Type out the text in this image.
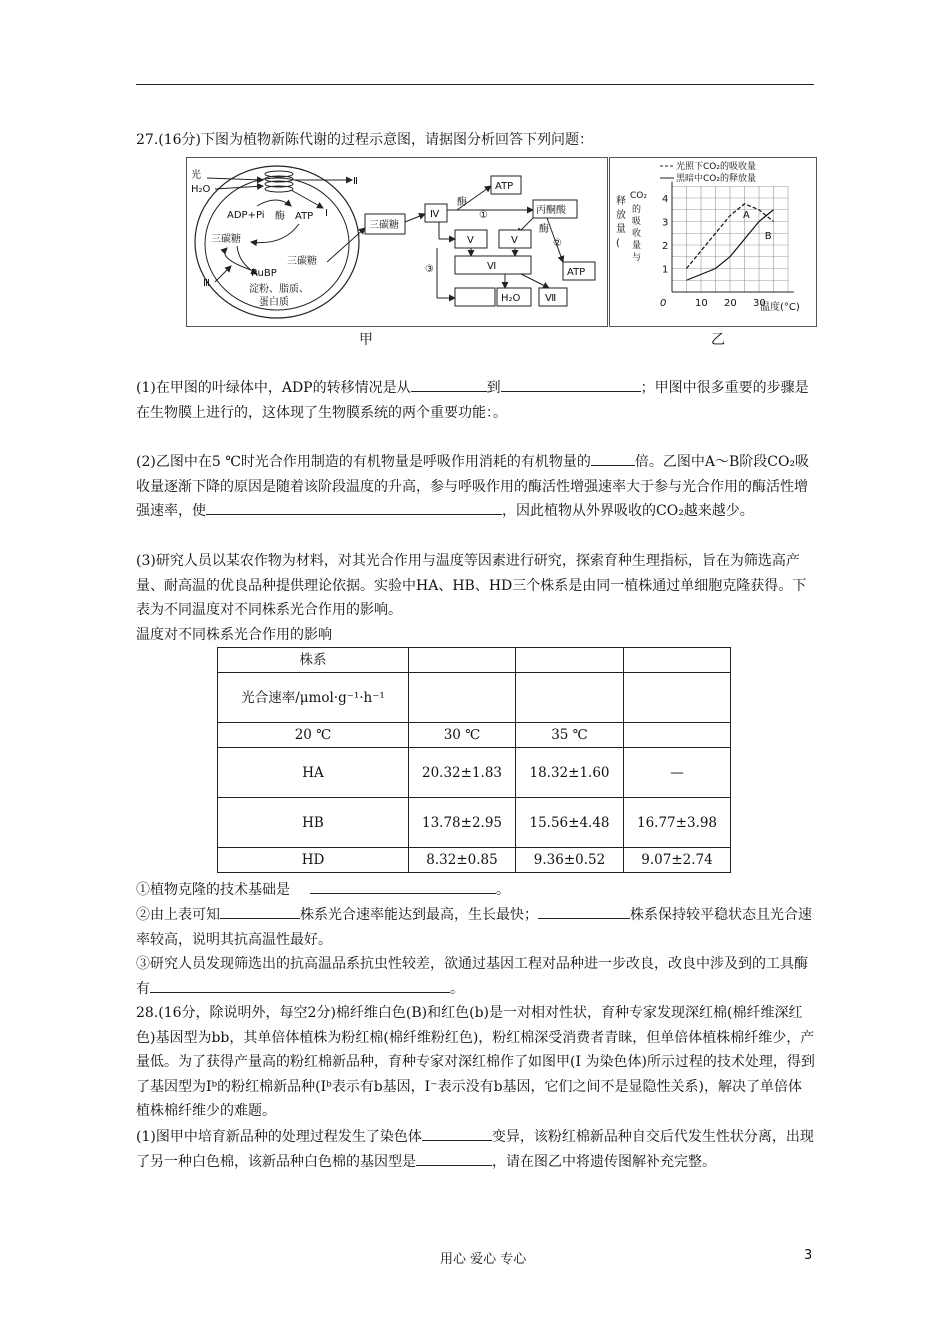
27.(16分)下图为植物新陈代谢的过程示意图，请据图分析回答下列问题：
光
H₂O
Ⅱ
Ⅰ
ADP+Pi 酶 ATP
三碳糖
三碳糖
RuBP
Ⅲ
淀粉、脂质、
蛋白质
三碳糖
Ⅳ
酶
①
ATP
丙酮酸
酶
②
Ⅴ	Ⅴ
Ⅵ
ATP
③
H₂O Ⅶ
光照下CO₂的吸收量
黑暗中CO₂的释放量
释
放
量
(
CO₂
的
吸
收
量
与
10 20 30
1
2
3
4
0
A
B
温度(°C)
甲	乙
(1)在甲图的叶绿体中，ADP的转移情况是从	到	；甲图中很多重要的步骤是在生物膜上进行的，这体现了生物膜系统的两个重要功能：。
(2)乙图中在5 ℃时光合作用制造的有机物量是呼吸作用消耗的有机物量的	倍。乙图中A～B阶段CO₂吸收量逐渐下降的原因是随着该阶段温度的升高，参与呼吸作用的酶活性增强速率大于参与光合作用的酶活性增强速率，使	，因此植物从外界吸收的CO₂越来越少。
(3)研究人员以某农作物为材料，对其光合作用与温度等因素进行研究，探索育种生理指标，旨在为筛选高产量、耐高温的优良品种提供理论依据。实验中HA、HB、HD三个株系是由同一植株通过单细胞克隆获得。下表为不同温度对不同株系光合作用的影响。
温度对不同株系光合作用的影响
株系			
光合速率/μmol·g⁻¹·h⁻¹			
20 ℃	30 ℃	35 ℃	
HA	20.32±1.83	18.32±1.60	—
HB	13.78±2.95	15.56±4.48	16.77±3.98
HD	8.32±0.85	9.36±0.52	9.07±2.74
①植物克隆的技术基础是	。
②由上表可知	株系光合速率能达到最高，生长最快；	株系保持较平稳状态且光合速率较高，说明其抗高温性最好。
③研究人员发现筛选出的抗高温品系抗虫性较差，欲通过基因工程对品种进一步改良，改良中涉及到的工具酶有	。
28.(16分，除说明外，每空2分)棉纤维白色(B)和红色(b)是一对相对性状，育种专家发现深红棉(棉纤维深红色)基因型为bb，其单倍体植株为粉红棉(棉纤维粉红色)，粉红棉深受消费者青睐，但单倍体植株棉纤维少，产量低。为了获得产量高的粉红棉新品种，育种专家对深红棉作了如图甲(Ⅰ 为染色体)所示过程的技术处理，得到了基因型为Ⅰᵇ的粉红棉新品种(Ⅰᵇ表示有b基因，Ⅰ⁻表示没有b基因，它们之间不是显隐性关系)，解决了单倍体植株棉纤维少的难题。
(1)图甲中培育新品种的处理过程发生了染色体	变异，该粉红棉新品种自交后代发生性状分离，出现了另一种白色棉，该新品种白色棉的基因型是	，请在图乙中将遗传图解补充完整。
用心 爱心 专心	3
